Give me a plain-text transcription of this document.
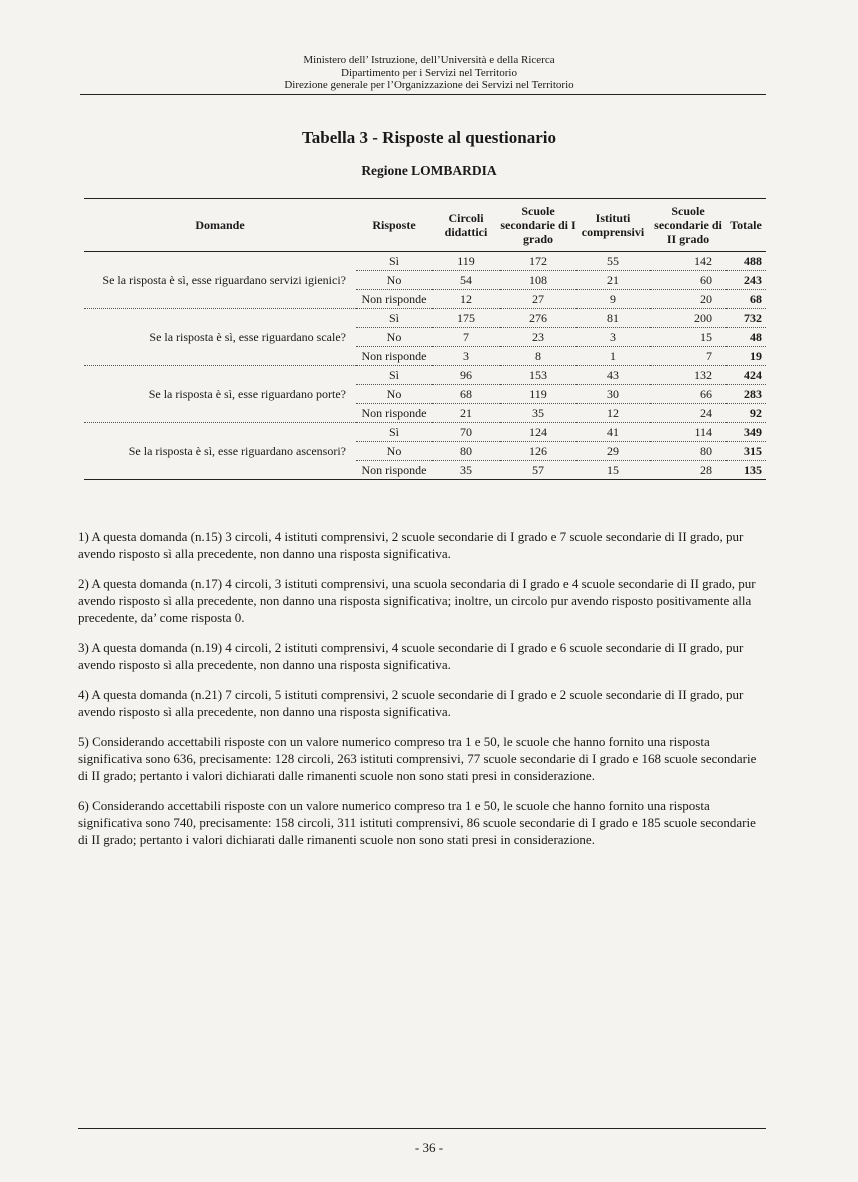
Ministero dell’ Istruzione, dell’Università e della Ricerca
Dipartimento per i Servizi nel Territorio
Direzione generale per l’Organizzazione dei Servizi nel Territorio
Tabella 3 - Risposte al questionario
Regione LOMBARDIA
Domande	Risposte	Circoli didattici	Scuole secondarie di I grado	Istituti comprensivi	Scuole secondarie di II grado	Totale
Se la risposta è sì, esse riguardano servizi igienici?	Sì	119	172	55	142	488
	No	54	108	21	60	243
	Non risponde	12	27	9	20	68
Se la risposta è sì, esse riguardano scale?	Sì	175	276	81	200	732
	No	7	23	3	15	48
	Non risponde	3	8	1	7	19
Se la risposta è sì, esse riguardano porte?	Sì	96	153	43	132	424
	No	68	119	30	66	283
	Non risponde	21	35	12	24	92
Se la risposta è sì, esse riguardano ascensori?	Sì	70	124	41	114	349
	No	80	126	29	80	315
	Non risponde	35	57	15	28	135

1) A questa domanda (n.15) 3 circoli, 4 istituti comprensivi, 2 scuole secondarie di I grado e 7 scuole secondarie di II grado, pur avendo risposto sì alla precedente, non danno una risposta significativa.

2) A questa domanda (n.17) 4 circoli, 3 istituti comprensivi, una scuola secondaria di I grado e 4 scuole secondarie di II grado, pur avendo risposto sì alla precedente, non danno una risposta significativa; inoltre, un circolo pur avendo risposto positivamente alla precedente, da’ come risposta 0.

3) A questa domanda (n.19) 4 circoli, 2 istituti comprensivi, 4 scuole secondarie di I grado e 6 scuole secondarie di II grado, pur avendo risposto sì alla precedente, non danno una risposta significativa.

4) A questa domanda (n.21) 7 circoli, 5 istituti comprensivi, 2 scuole secondarie di I grado e 2 scuole secondarie di II grado, pur avendo risposto sì alla precedente, non danno una risposta significativa.

5) Considerando accettabili risposte con un valore numerico compreso tra 1 e 50, le scuole che hanno fornito una risposta significativa sono 636, precisamente: 128 circoli, 263 istituti comprensivi, 77 scuole secondarie di I grado e 168 scuole secondarie di II grado; pertanto i valori dichiarati dalle rimanenti scuole non sono stati presi in considerazione.

6) Considerando accettabili risposte con un valore numerico compreso tra 1 e 50, le scuole che hanno fornito una risposta significativa sono 740, precisamente: 158 circoli, 311 istituti comprensivi, 86 scuole secondarie di I grado e 185 scuole secondarie di II grado; pertanto i valori dichiarati dalle rimanenti scuole non sono stati presi in considerazione.

- 36 -
